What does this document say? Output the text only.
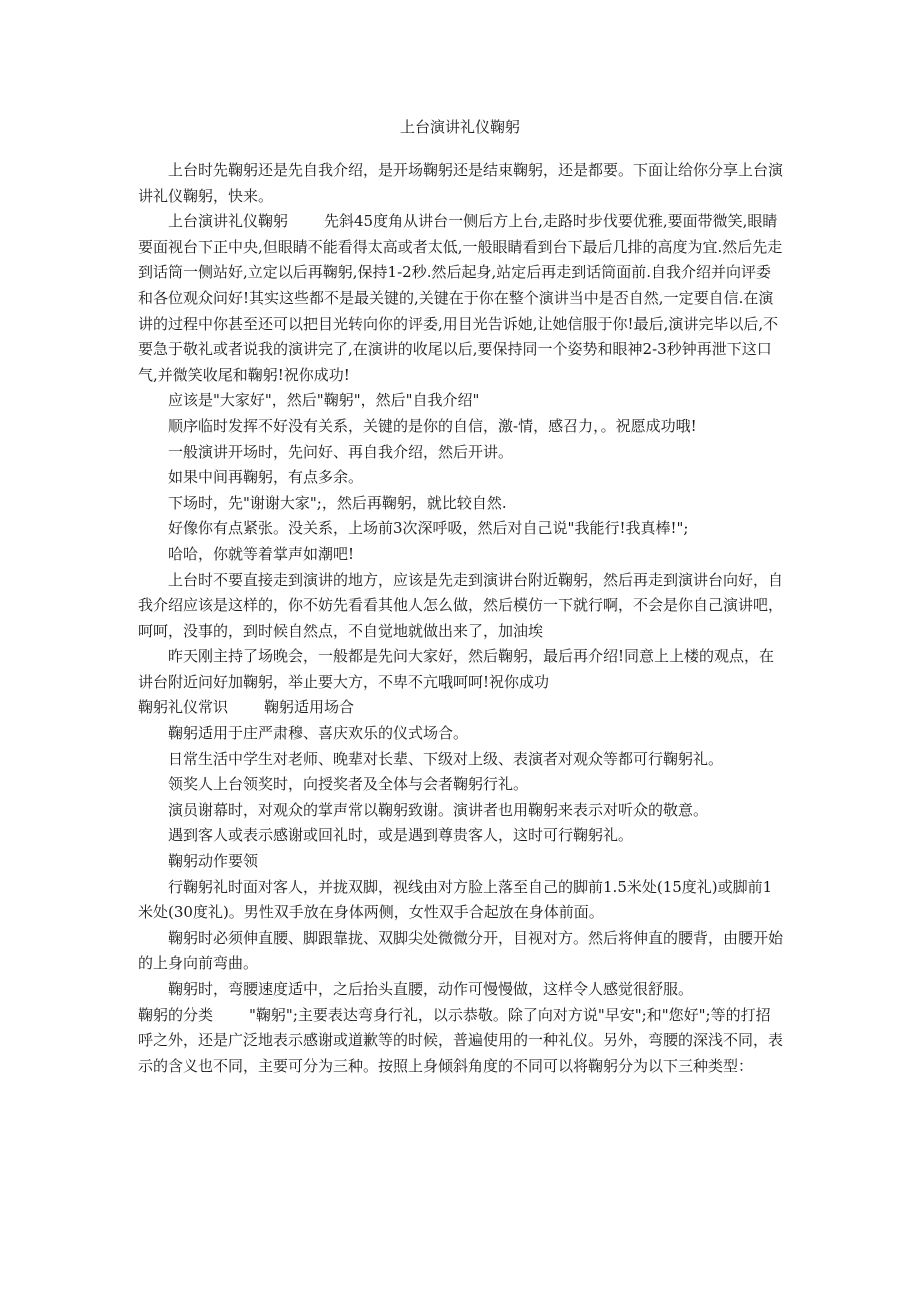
上台演讲礼仪鞠躬

上台时先鞠躬还是先自我介绍，是开场鞠躬还是结束鞠躬，还是都要。下面让给你分享上台演讲礼仪鞠躬，快来。

上台演讲礼仪鞠躬 先斜45度角从讲台一侧后方上台,走路时步伐要优雅,要面带微笑,眼睛要面视台下正中央,但眼睛不能看得太高或者太低,一般眼睛看到台下最后几排的高度为宜.然后先走到话筒一侧站好,立定以后再鞠躬,保持1-2秒.然后起身,站定后再走到话筒面前.自我介绍并向评委和各位观众问好!其实这些都不是最关键的,关键在于你在整个演讲当中是否自然,一定要自信.在演讲的过程中你甚至还可以把目光转向你的评委,用目光告诉她,让她信服于你!最后,演讲完毕以后,不要急于敬礼或者说我的演讲完了,在演讲的收尾以后,要保持同一个姿势和眼神2-3秒钟再泄下这口气,并微笑收尾和鞠躬!祝你成功!

应该是"大家好"，然后"鞠躬"，然后"自我介绍"

顺序临时发挥不好没有关系，关键的是你的自信，激-情，感召力，。祝愿成功哦!

一般演讲开场时，先问好、再自我介绍，然后开讲。

如果中间再鞠躬，有点多余。

下场时，先"谢谢大家";，然后再鞠躬，就比较自然.

好像你有点紧张。没关系，上场前3次深呼吸，然后对自己说"我能行!我真棒!";

哈哈，你就等着掌声如潮吧!

上台时不要直接走到演讲的地方，应该是先走到演讲台附近鞠躬，然后再走到演讲台向好，自我介绍应该是这样的，你不妨先看看其他人怎么做，然后模仿一下就行啊，不会是你自己演讲吧，呵呵，没事的，到时候自然点，不自觉地就做出来了，加油埃

昨天刚主持了场晚会，一般都是先问大家好，然后鞠躬，最后再介绍!同意上上楼的观点，在讲台附近问好加鞠躬，举止要大方，不卑不亢哦呵呵!祝你成功

鞠躬礼仪常识 鞠躬适用场合

鞠躬适用于庄严肃穆、喜庆欢乐的仪式场合。

日常生活中学生对老师、晚辈对长辈、下级对上级、表演者对观众等都可行鞠躬礼。

领奖人上台领奖时，向授奖者及全体与会者鞠躬行礼。

演员谢幕时，对观众的掌声常以鞠躬致谢。演讲者也用鞠躬来表示对听众的敬意。

遇到客人或表示感谢或回礼时，或是遇到尊贵客人，这时可行鞠躬礼。

鞠躬动作要领

行鞠躬礼时面对客人，并拢双脚，视线由对方脸上落至自己的脚前1.5米处(15度礼)或脚前1米处(30度礼)。男性双手放在身体两侧，女性双手合起放在身体前面。

鞠躬时必须伸直腰、脚跟靠拢、双脚尖处微微分开，目视对方。然后将伸直的腰背，由腰开始的上身向前弯曲。

鞠躬时，弯腰速度适中，之后抬头直腰，动作可慢慢做，这样令人感觉很舒服。

鞠躬的分类 "鞠躬";主要表达弯身行礼，以示恭敬。除了向对方说"早安";和"您好";等的打招呼之外，还是广泛地表示感谢或道歉等的时候，普遍使用的一种礼仪。另外，弯腰的深浅不同，表示的含义也不同，主要可分为三种。按照上身倾斜角度的不同可以将鞠躬分为以下三种类型：
